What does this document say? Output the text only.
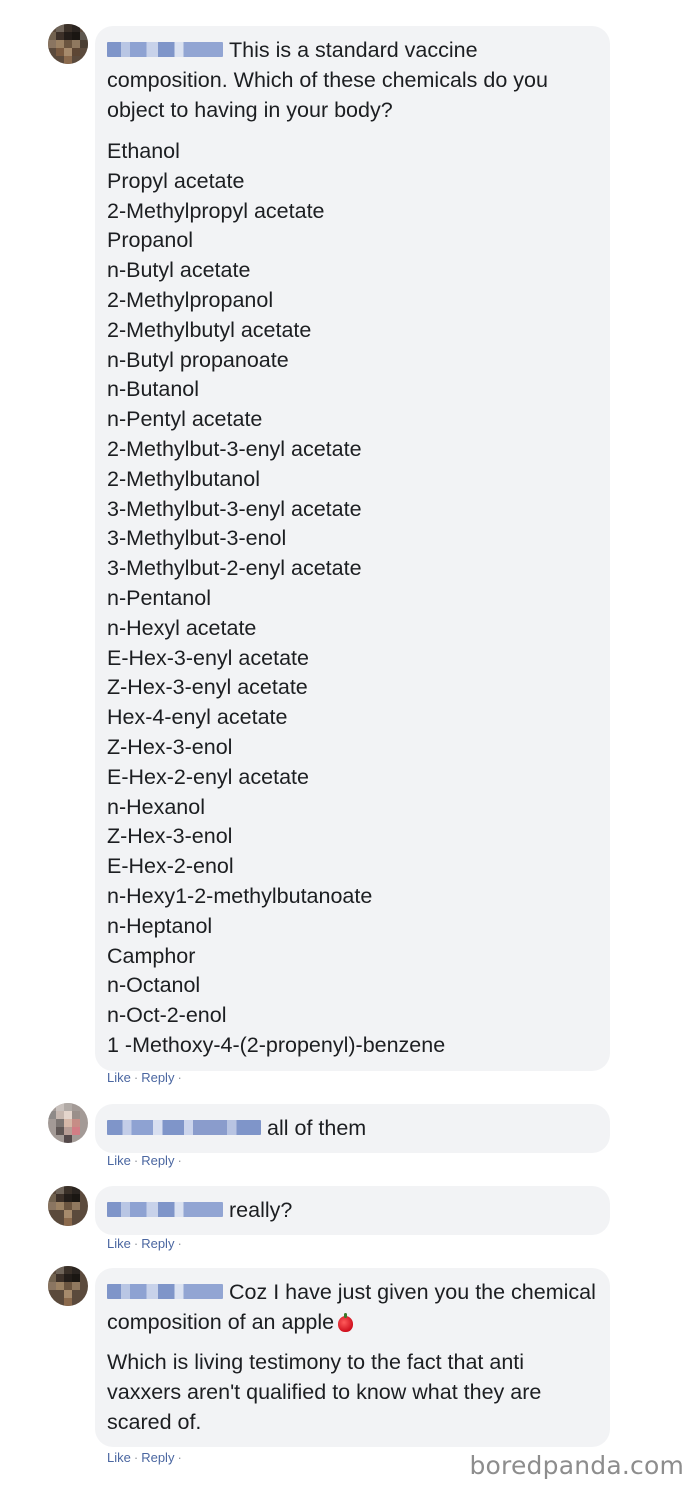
This is a standard vaccine composition. Which of these chemicals do you object to having in your body?

Ethanol
Propyl acetate
2-Methylpropyl acetate
Propanol
n-Butyl acetate
2-Methylpropanol
2-Methylbutyl acetate
n-Butyl propanoate
n-Butanol
n-Pentyl acetate
2-Methylbut-3-enyl acetate
2-Methylbutanol
3-Methylbut-3-enyl acetate
3-Methylbut-3-enol
3-Methylbut-2-enyl acetate
n-Pentanol
n-Hexyl acetate
E-Hex-3-enyl acetate
Z-Hex-3-enyl acetate
Hex-4-enyl acetate
Z-Hex-3-enol
E-Hex-2-enyl acetate
n-Hexanol
Z-Hex-3-enol
E-Hex-2-enol
n-Hexy1-2-methylbutanoate
n-Heptanol
Camphor
n-Octanol
n-Oct-2-enol
1 -Methoxy-4-(2-propenyl)-benzene
Like · Reply ·

all of them

Like · Reply ·

really?

Like · Reply ·

Coz I have just given you the chemical composition of an apple

Which is living testimony to the fact that anti vaxxers aren't qualified to know what they are scared of.

Like · Reply ·	boredpanda.com
